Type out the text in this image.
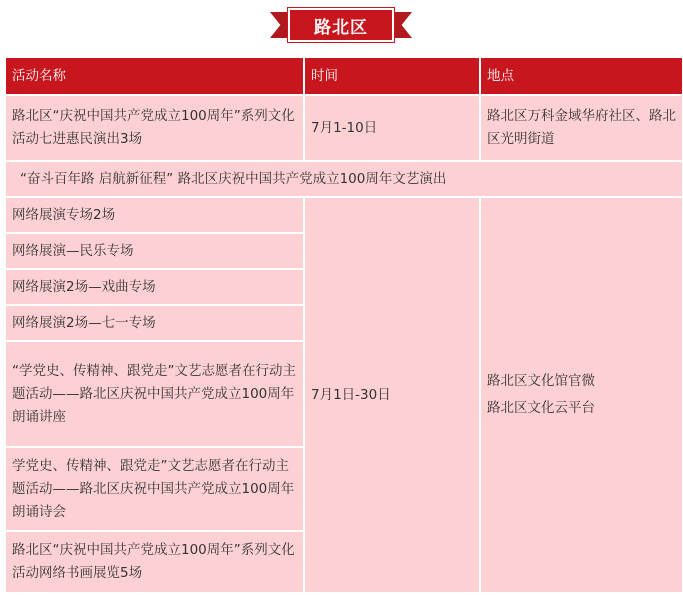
路北区
活动名称	时间	地点
路北区“庆祝中国共产党成立100周年”系列文化活动七进惠民演出3场	7月1-10日	路北区万科金域华府社区、路北区光明街道
“奋斗百年路 启航新征程” 路北区庆祝中国共产党成立100周年文艺演出		
网络展演专场2场	7月1日-30日	路北区文化馆官微
路北区文化云平台

网络展演—民乐专场		
网络展演2场—戏曲专场		
网络展演2场—七一专场		
“学党史、传精神、跟党走”文艺志愿者在行动主题活动——路北区庆祝中国共产党成立100周年朗诵讲座		
学党史、传精神、跟党走”文艺志愿者在行动主题活动——路北区庆祝中国共产党成立100周年朗诵诗会		
路北区“庆祝中国共产党成立100周年”系列文化活动网络书画展览5场		
